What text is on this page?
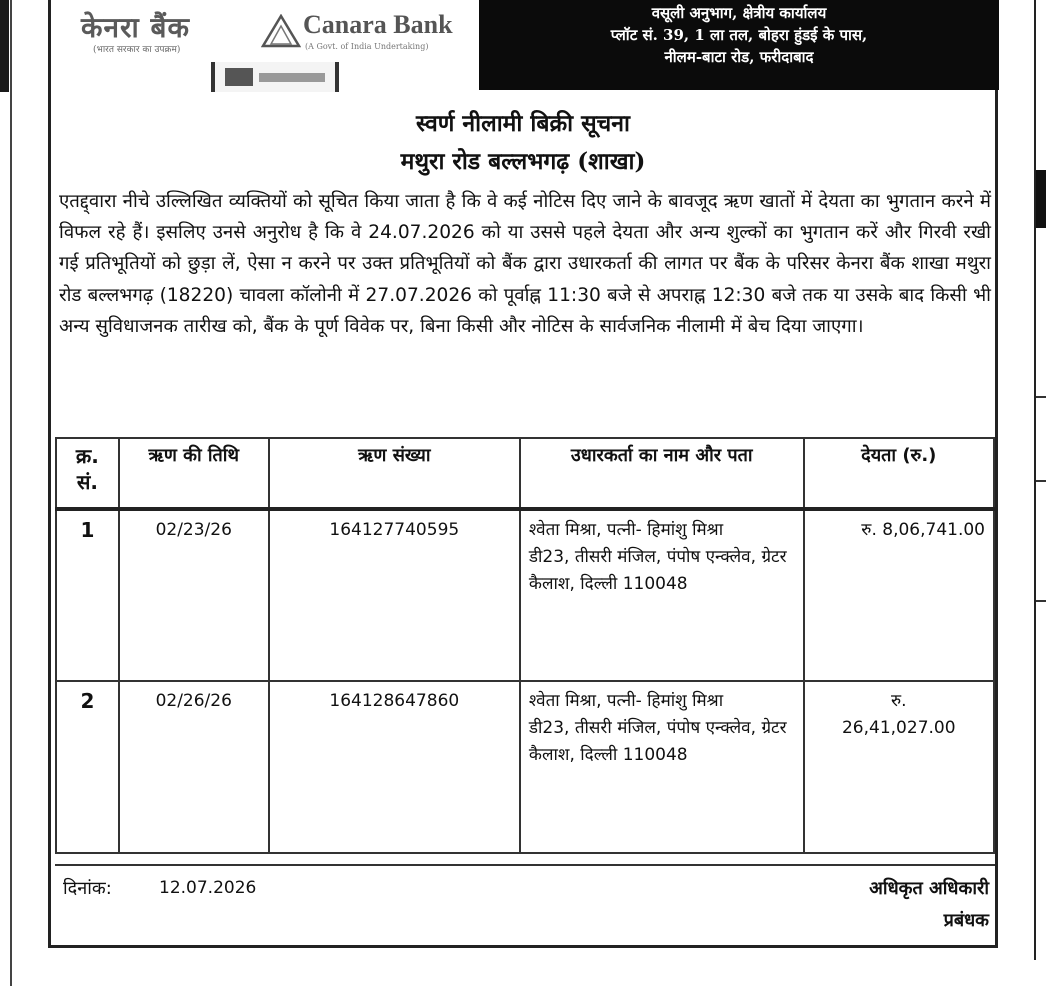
केनरा बैंक
(भारत सरकार का उपक्रम)
Canara Bank
(A Govt. of India Undertaking)
वसूली अनुभाग, क्षेत्रीय कार्यालय
प्लॉट सं. 39, 1 ला तल, बोहरा हुंडई के पास,
नीलम-बाटा रोड, फरीदाबाद
स्वर्ण नीलामी बिक्री सूचना
मथुरा रोड बल्लभगढ़ (शाखा)
एतद्द्वारा नीचे उल्लिखित व्यक्तियों को सूचित किया जाता है कि वे कई नोटिस दिए जाने के बावजूद ऋण खातों में देयता का भुगतान करने में विफल रहे हैं। इसलिए उनसे अनुरोध है कि वे 24.07.2026 को या उससे पहले देयता और अन्य शुल्कों का भुगतान करें और गिरवी रखी गई प्रतिभूतियों को छुड़ा लें, ऐसा न करने पर उक्त प्रतिभूतियों को बैंक द्वारा उधारकर्ता की लागत पर बैंक के परिसर केनरा बैंक शाखा मथुरा रोड बल्लभगढ़ (18220) चावला कॉलोनी में 27.07.2026 को पूर्वाह्न 11:30 बजे से अपराह्न 12:30 बजे तक या उसके बाद किसी भी अन्य सुविधाजनक तारीख को, बैंक के पूर्ण विवेक पर, बिना किसी और नोटिस के सार्वजनिक नीलामी में बेच दिया जाएगा।
क्र. सं.	ऋण की तिथि	ऋण संख्या	उधारकर्ता का नाम और पता	देयता (रु.)
1	02/23/26	164127740595	श्वेता मिश्रा, पत्नी- हिमांशु मिश्रा
डी23, तीसरी मंजिल, पंपोष एन्क्लेव, ग्रेटर कैलाश, दिल्ली 110048	रु. 8,06,741.00
2	02/26/26	164128647860	श्वेता मिश्रा, पत्नी- हिमांशु मिश्रा
डी23, तीसरी मंजिल, पंपोष एन्क्लेव, ग्रेटर कैलाश, दिल्ली 110048	रु.
26,41,027.00
दिनांक:	12.07.2026	अधिकृत अधिकारी
प्रबंधक
